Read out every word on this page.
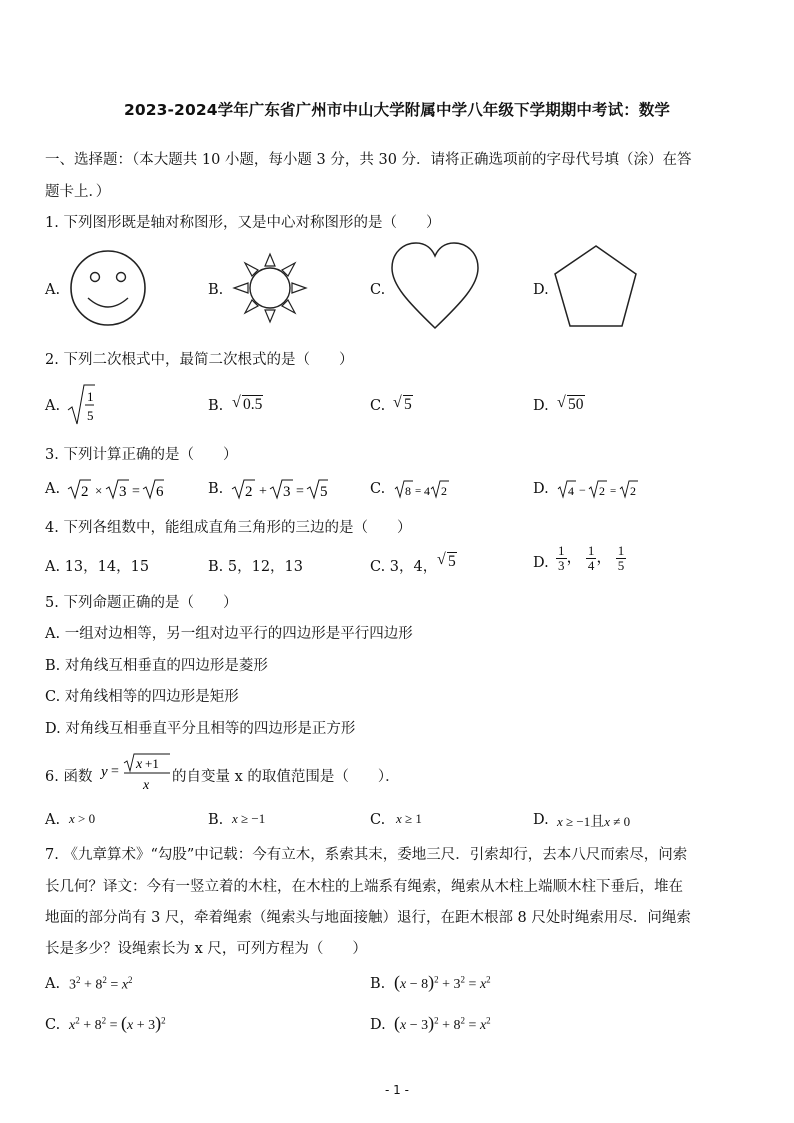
2023-2024学年广东省广州市中山大学附属中学八年级下学期期中考试：数学
一、选择题：（本大题共 10 小题，每小题 3 分，共 30 分．请将正确选项前的字母代号填（涂）在答
题卡上．）
1. 下列图形既是轴对称图形，又是中心对称图形的是（　　）
A.	B.	C.	D.
2. 下列二次根式中，最简二次根式的是（　　）
A.
1
5
B. √ 0.5	C. √ 5	D. √ 50
3. 下列计算正确的是（　　）
A. 2 × 3 = 6	B. 2 + 3 = 5	C. 8 = 4 2	D. 4 − 2 = 2
4. 下列各组数中，能组成直角三角形的三边的是（　　）
A. 13，14，15	B. 5，12，13	C. 3，4， √ 5	D. $\frac{1}{3}$ ， $\frac{1}{4}$ ， $\frac{1}{5}$
5. 下列命题正确的是（　　）
A. 一组对边相等，另一组对边平行的四边形是平行四边形
B. 对角线互相垂直的四边形是菱形
C. 对角线相等的四边形是矩形
D. 对角线互相垂直平分且相等的四边形是正方形
6. 函数 y = x +1
x
的自变量 x 的取值范围是（　　）．
A. x > 0	B. x ≥ −1	C. x ≥ 1	D. x ≥ −1且x ≠ 0
7. 《九章算术》“勾股”中记载：今有立木，系索其末，委地三尺．引索却行，去本八尺而索尽，问索
长几何？译文：今有一竖立着的木柱，在木柱的上端系有绳索，绳索从木柱上端顺木柱下垂后，堆在
地面的部分尚有 3 尺，牵着绳索（绳索头与地面接触）退行，在距木根部 8 尺处时绳索用尽．问绳索
长是多少？设绳索长为 x 尺，可列方程为（　　）
A. $3^2 + 8^2 = x^2$	B. $(x - 8)^2 + 3^2 = x^2$
C. $x^2 + 8^2 = (x + 3)^2$	D. $(x - 3)^2 + 8^2 = x^2$
- 1 -
